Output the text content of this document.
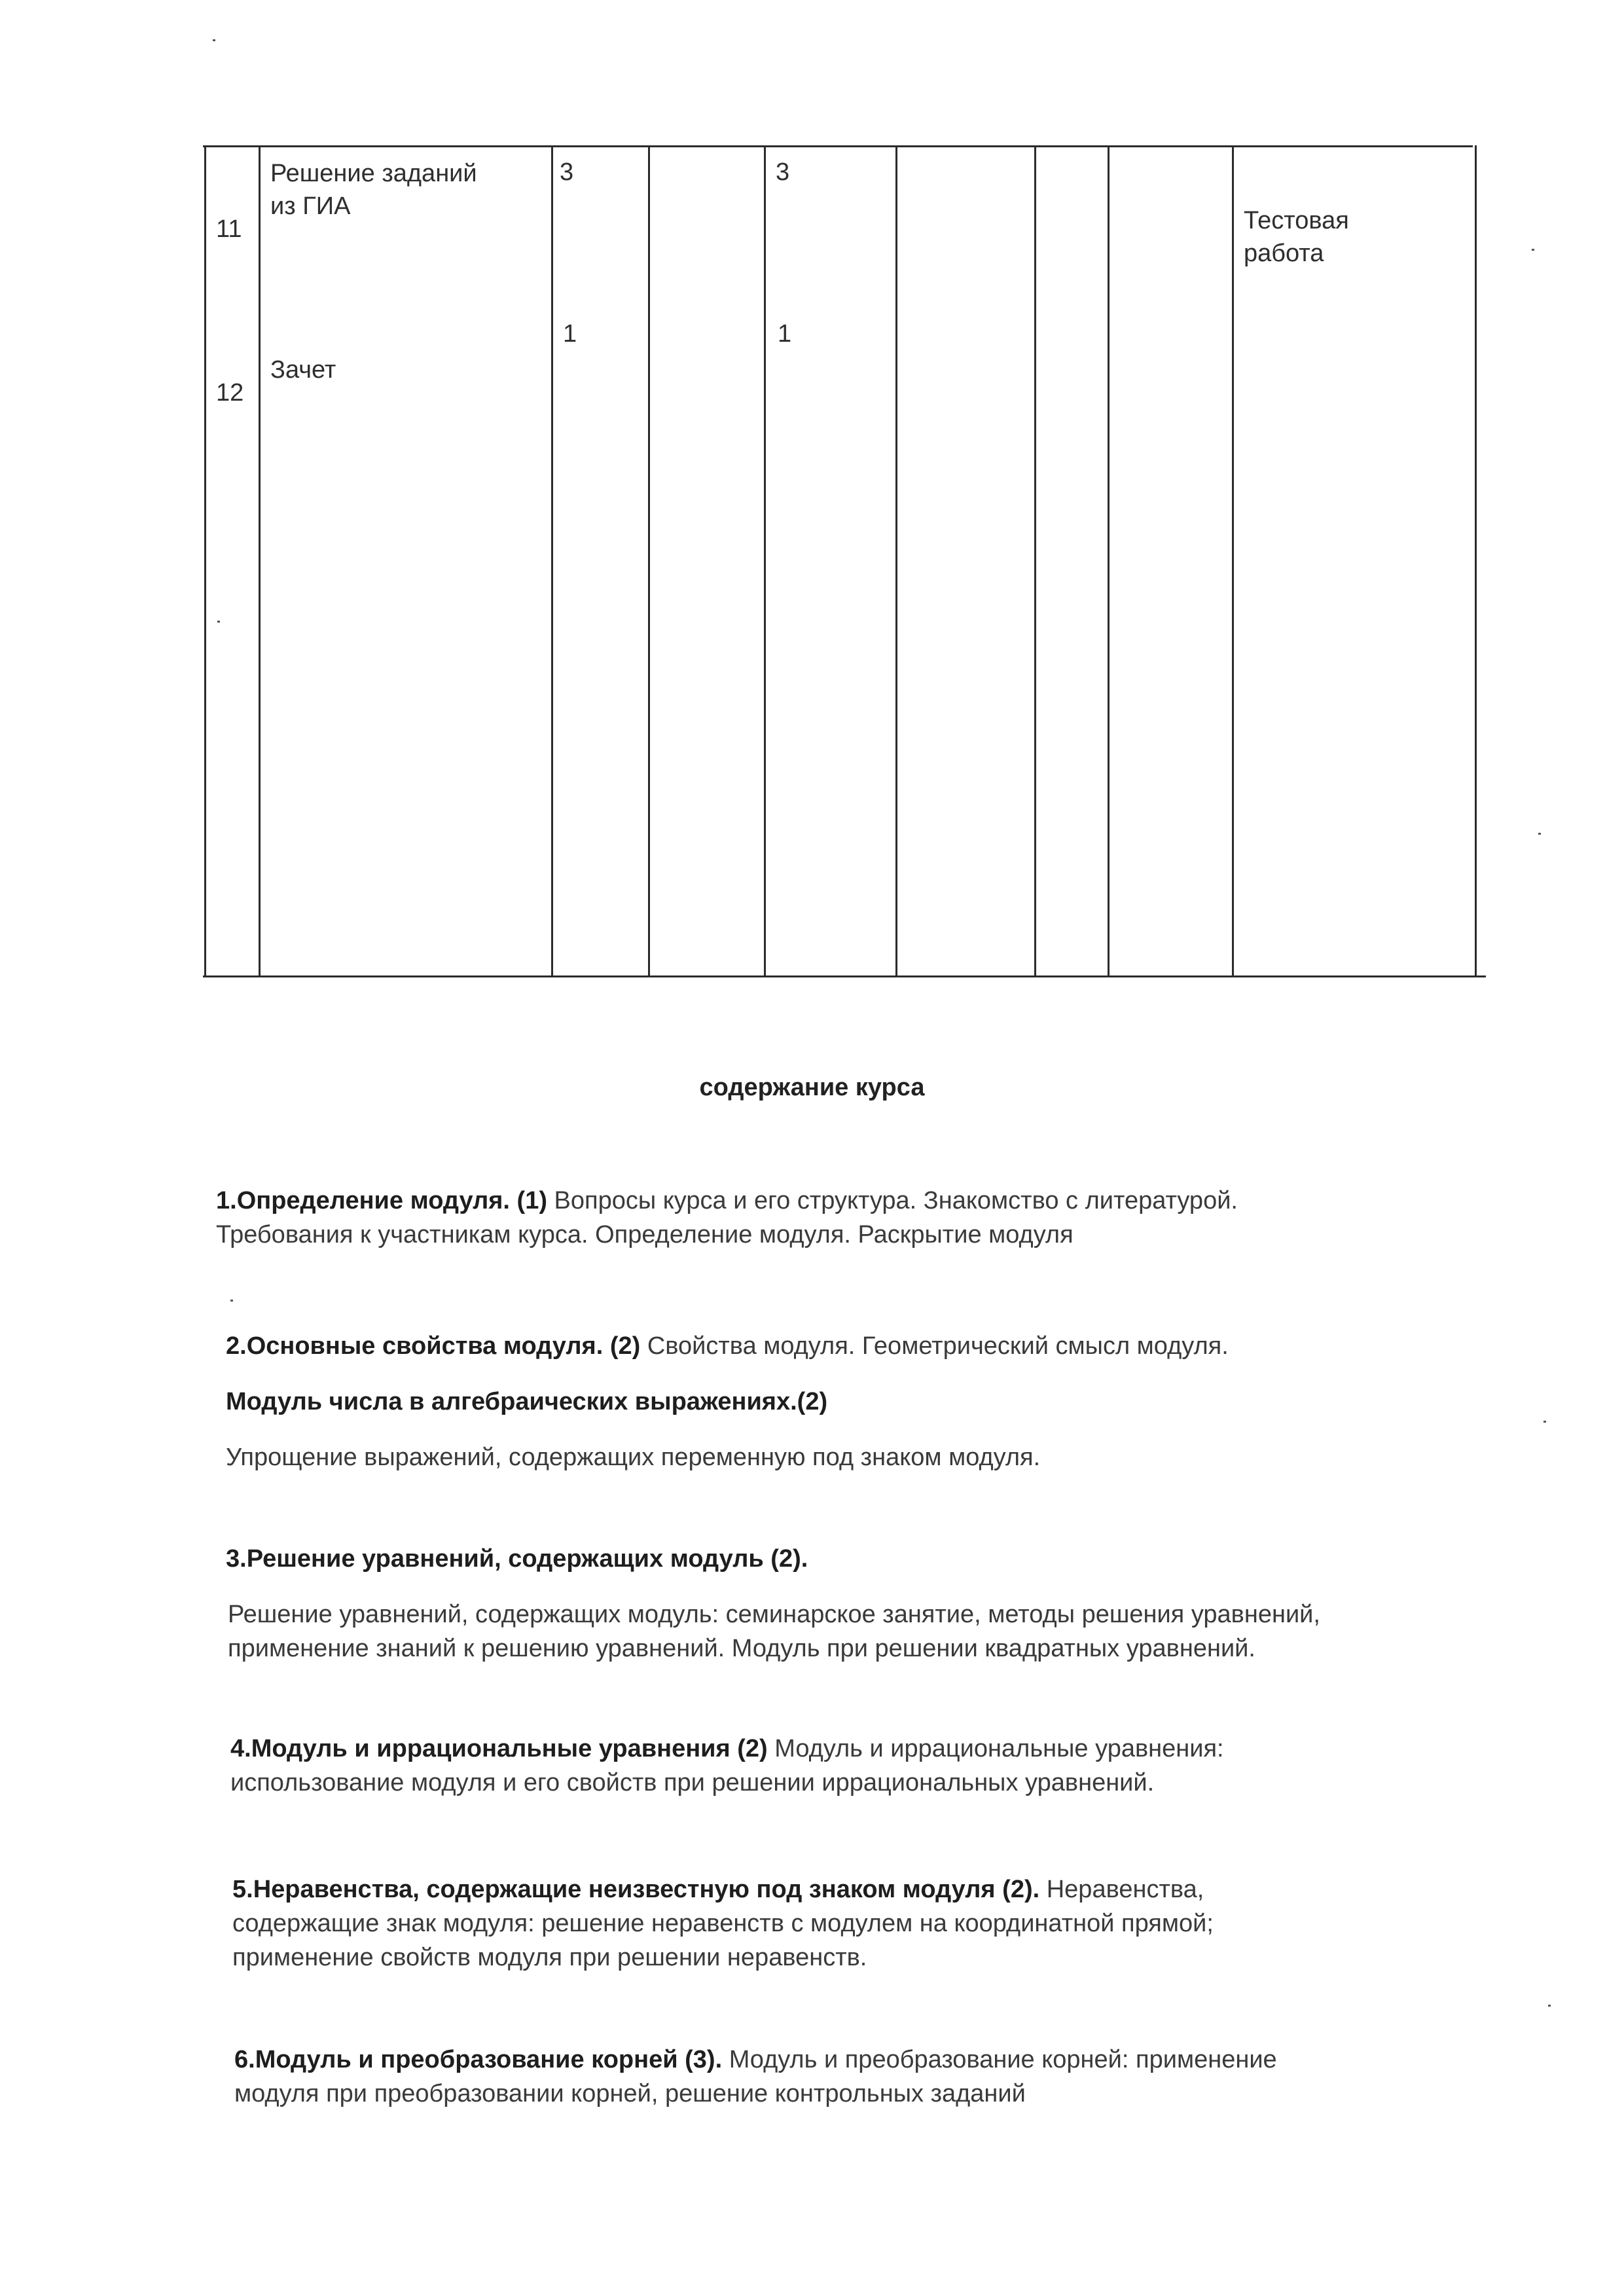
11
Решение заданий
из ГИА
3	3
Тестовая
работа
12
Зачет
1	1
содержание курса
1.Определение модуля. (1) Вопросы курса и его структура. Знакомство с литературой.
Требования к участникам курса. Определение модуля. Раскрытие модуля
2.Основные свойства модуля. (2) Свойства модуля. Геометрический смысл модуля.
Модуль числа в алгебраических выражениях.(2)
Упрощение выражений, содержащих переменную под знаком модуля.
3.Решение уравнений, содержащих модуль (2).
Решение уравнений, содержащих модуль: семинарское занятие, методы решения уравнений,
применение знаний к решению уравнений. Модуль при решении квадратных уравнений.
4.Модуль и иррациональные уравнения (2) Модуль и иррациональные уравнения:
использование модуля и его свойств при решении иррациональных уравнений.
5.Неравенства, содержащие неизвестную под знаком модуля (2). Неравенства,
содержащие знак модуля: решение неравенств с модулем на координатной прямой;
применение свойств модуля при решении неравенств.
6.Модуль и преобразование корней (3). Модуль и преобразование корней: применение
модуля при преобразовании корней, решение контрольных заданий
